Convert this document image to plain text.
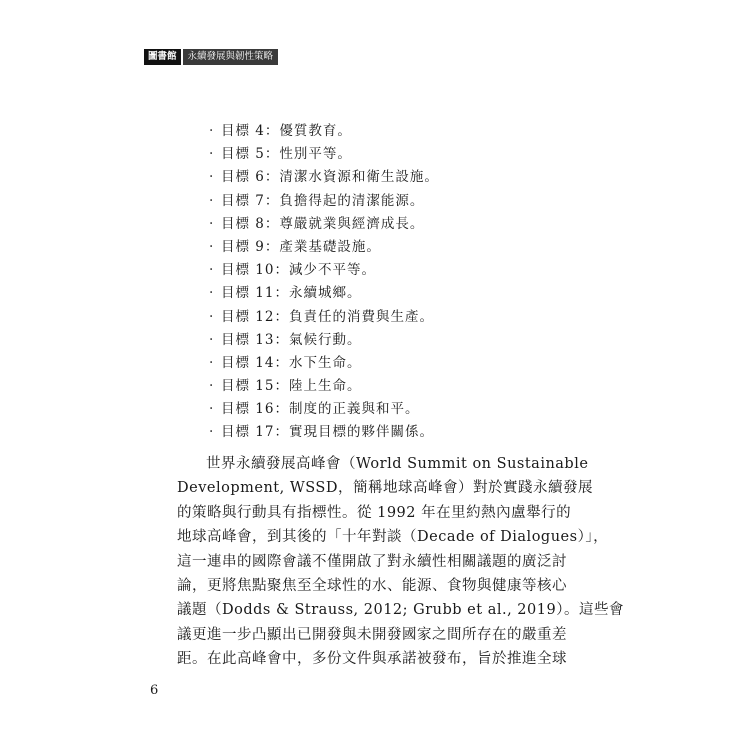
圖書館	永續發展與韌性策略
‧ 目標 4：優質教育。
‧ 目標 5：性別平等。
‧ 目標 6：清潔水資源和衛生設施。
‧ 目標 7：負擔得起的清潔能源。
‧ 目標 8：尊嚴就業與經濟成長。
‧ 目標 9：產業基礎設施。
‧ 目標 10：減少不平等。
‧ 目標 11：永續城鄉。
‧ 目標 12：負責任的消費與生產。
‧ 目標 13：氣候行動。
‧ 目標 14：水下生命。
‧ 目標 15：陸上生命。
‧ 目標 16：制度的正義與和平。
‧ 目標 17：實現目標的夥伴關係。

世界永續發展高峰會（World Summit on Sustainable
Development, WSSD，簡稱地球高峰會）對於實踐永續發展
的策略與行動具有指標性。從 1992 年在里約熱內盧舉行的
地球高峰會，到其後的「十年對談（Decade of Dialogues）」，
這一連串的國際會議不僅開啟了對永續性相關議題的廣泛討
論，更將焦點聚焦至全球性的水、能源、食物與健康等核心
議題（Dodds & Strauss, 2012; Grubb et al., 2019）。這些會
議更進一步凸顯出已開發與未開發國家之間所存在的嚴重差
距。在此高峰會中，多份文件與承諾被發布，旨於推進全球

6
